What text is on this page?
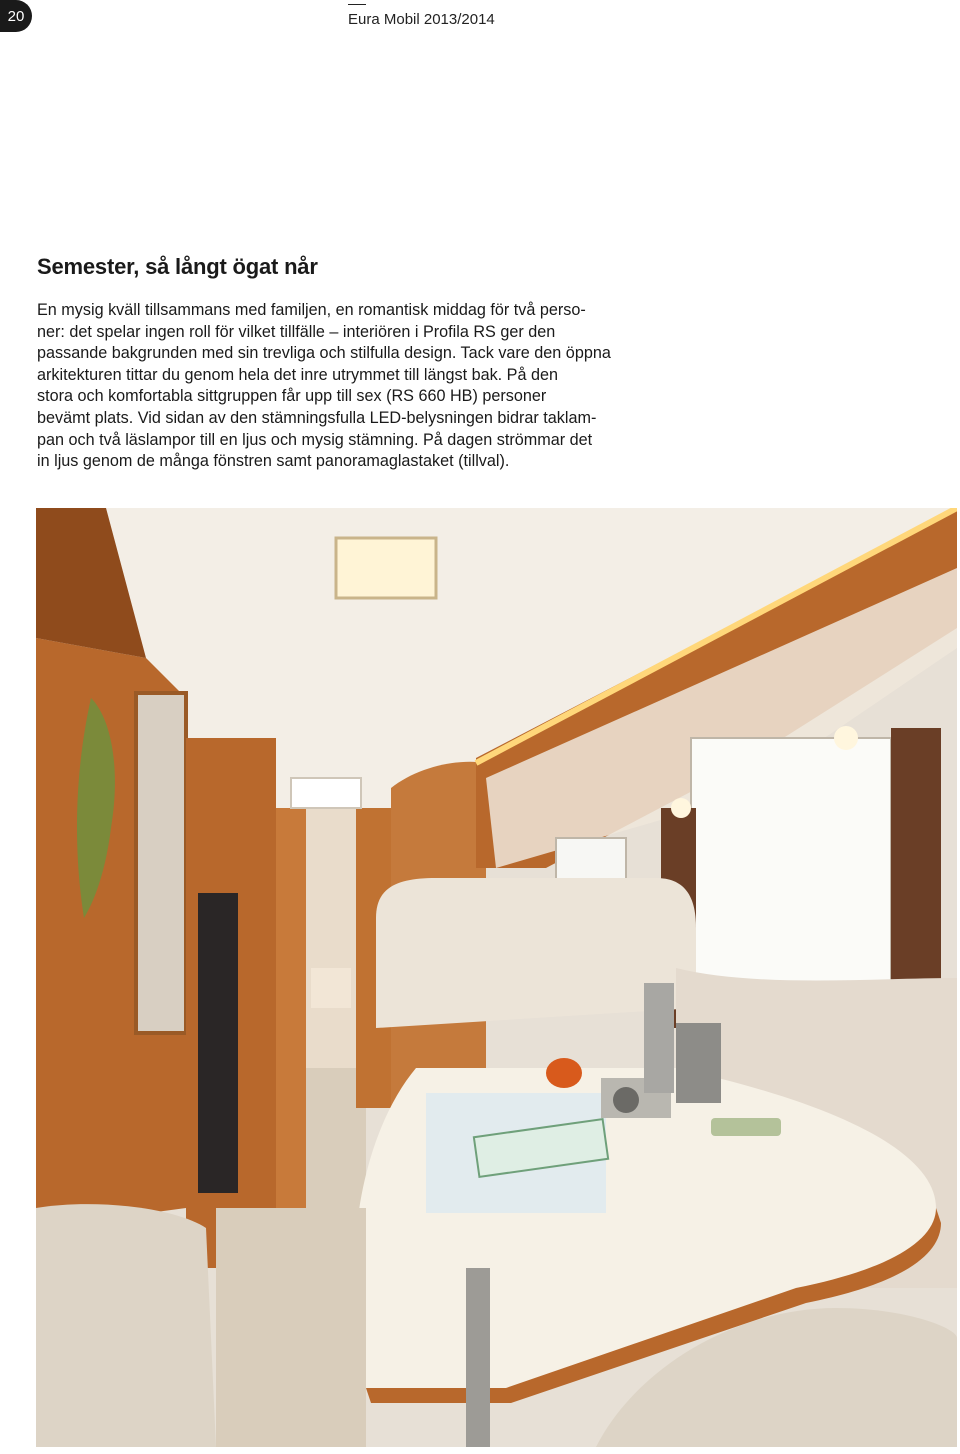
20	Eura Mobil 2013/2014
Semester, så långt ögat når

En mysig kväll tillsammans med familjen, en romantisk middag för två perso-
ner: det spelar ingen roll för vilket tillfälle – interiören i Profila RS ger den
passande bakgrunden med sin trevliga och stilfulla design. Tack vare den öppna
arkitekturen tittar du genom hela det inre utrymmet till längst bak. På den
stora och komfortabla sittgruppen får upp till sex (RS 660 HB) personer
bevämt plats. Vid sidan av den stämningsfulla LED-belysningen bidrar taklam-
pan och två läslampor till en ljus och mysig stämning. På dagen strömmar det
in ljus genom de många fönstren samt panoramaglastaket (tillval).
